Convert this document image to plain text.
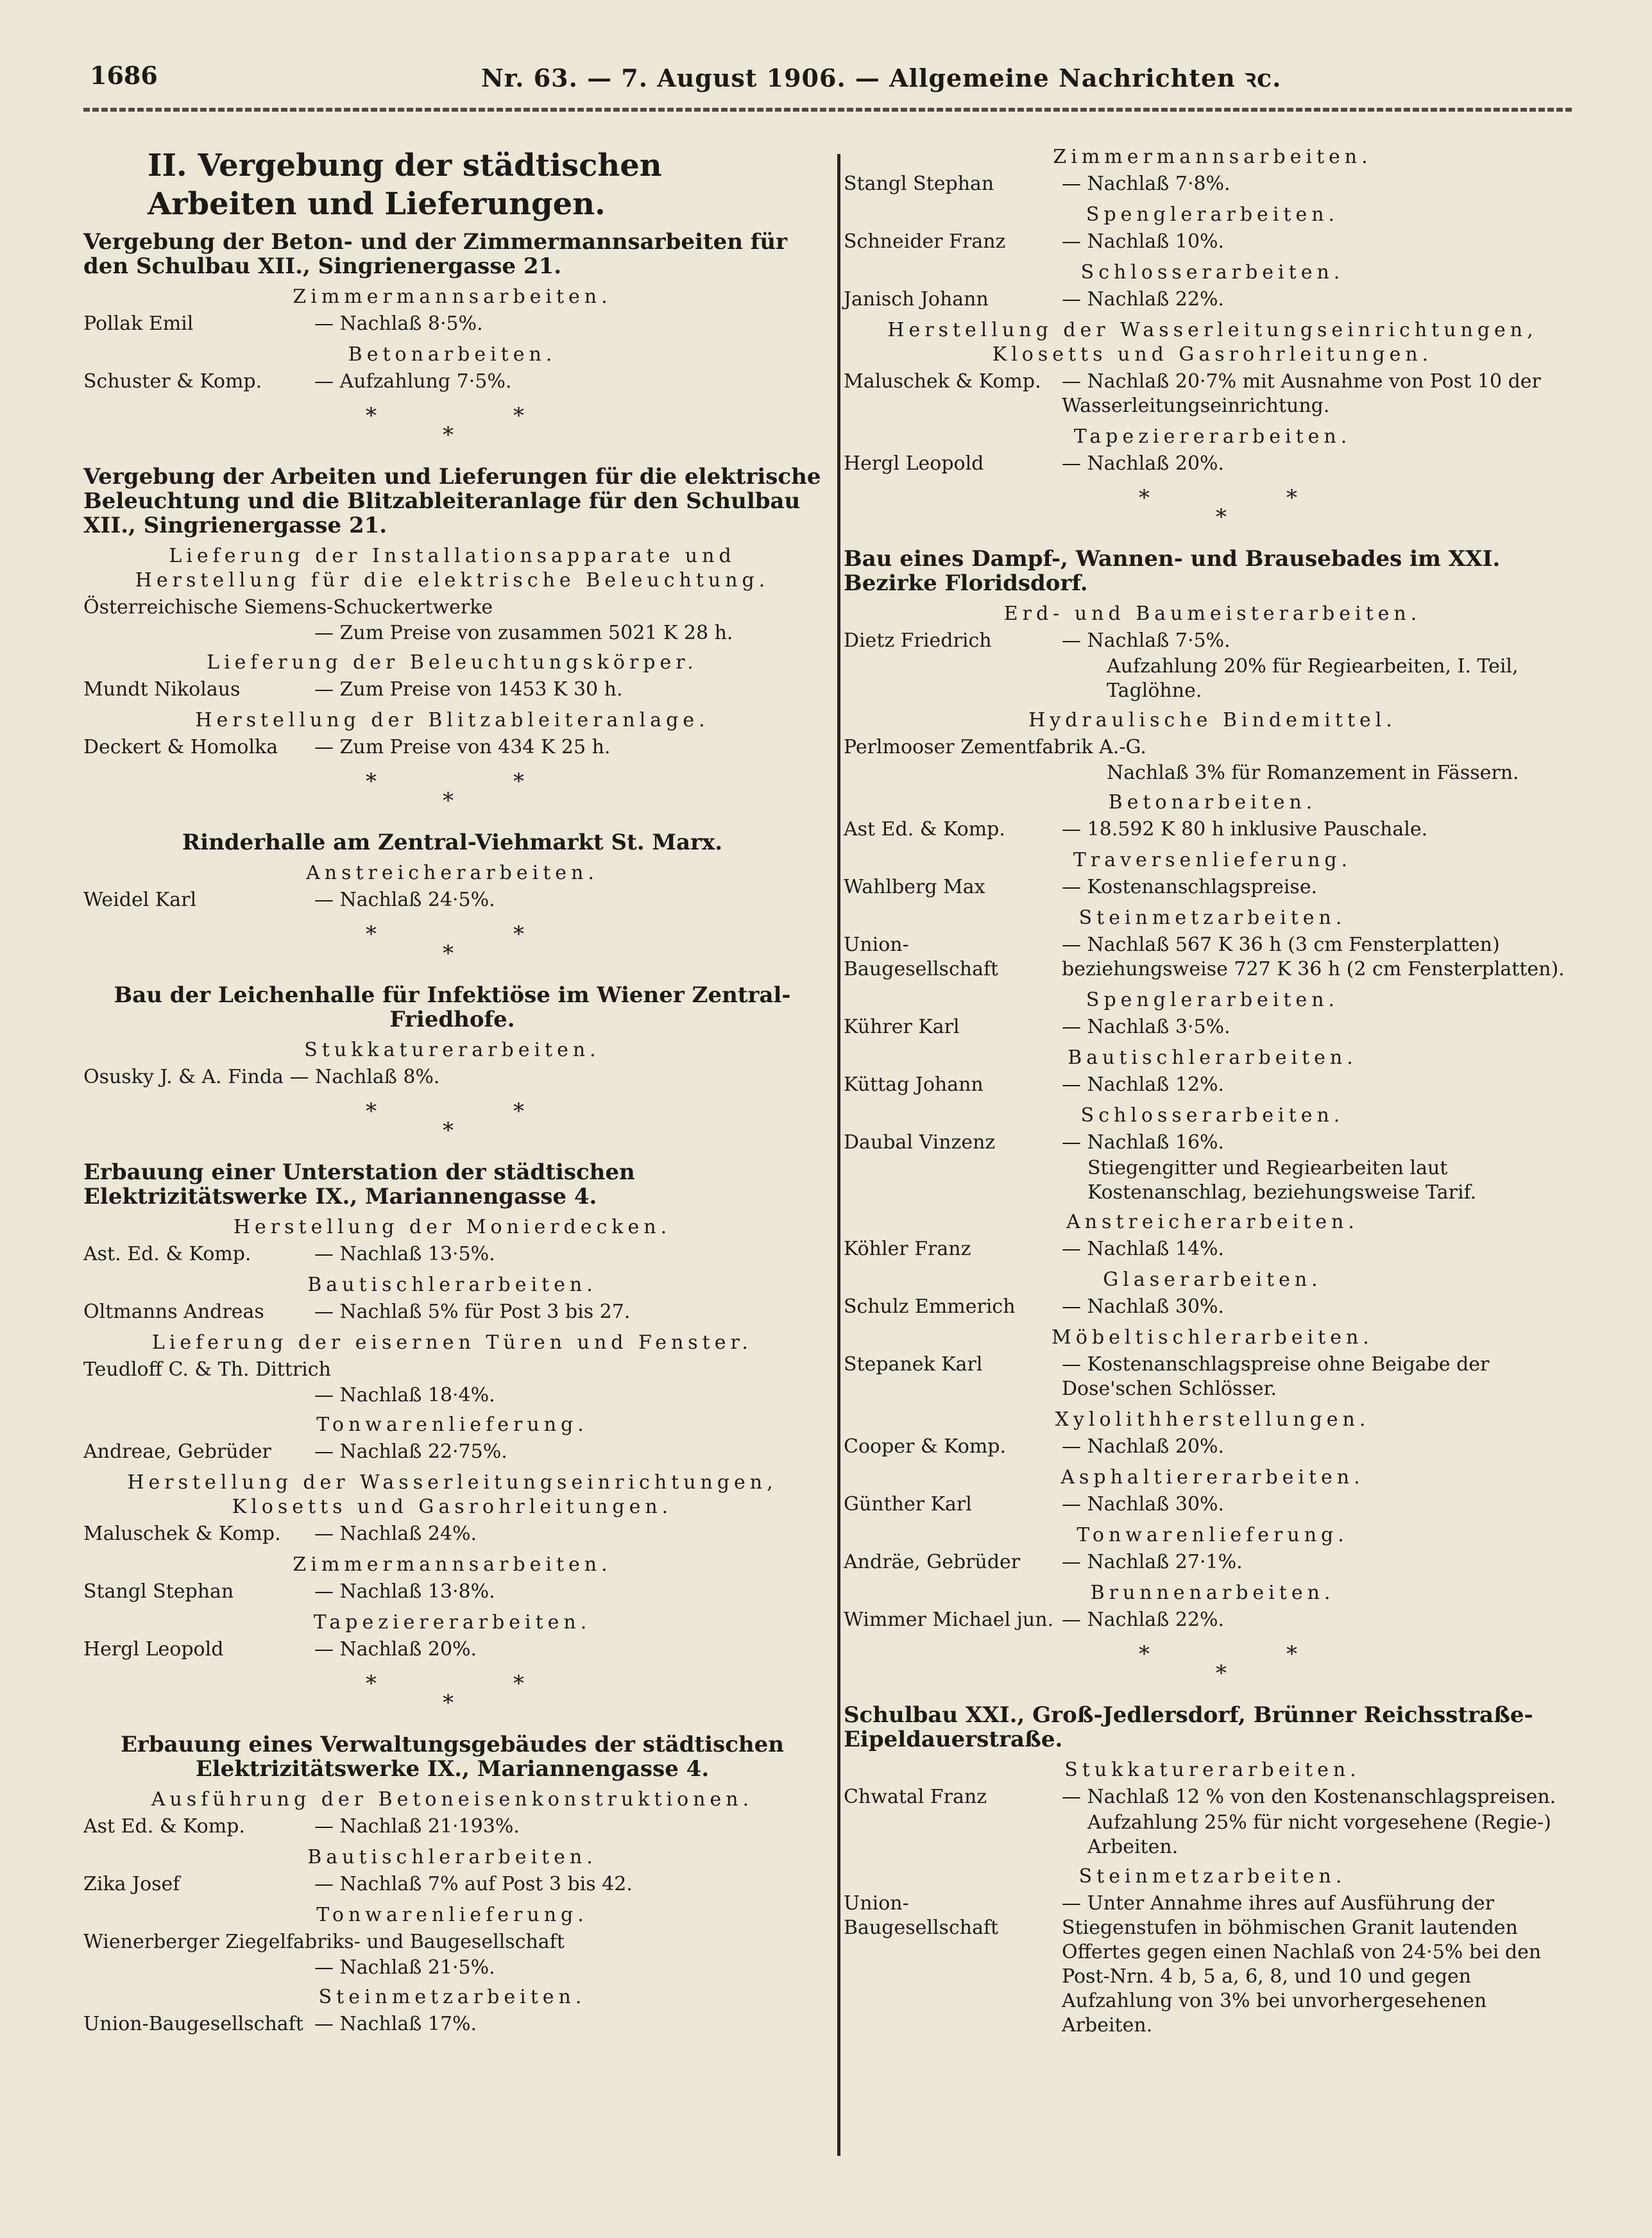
1686	Nr. 63. — 7. August 1906. — Allgemeine Nachrichten ꝛc.
II. Vergebung der städtischen Arbeiten und Lieferungen.
Vergebung der Beton- und der Zimmermannsarbeiten für den Schulbau XII., Singrienergasse 21.
Zimmermannsarbeiten.
Pollak Emil	— Nachlaß 8·5%.
Betonarbeiten.
Schuster & Komp.	— Aufzahlung 7·5%.
*	*
*
Vergebung der Arbeiten und Lieferungen für die elektrische Beleuchtung und die Blitzableiteranlage für den Schulbau XII., Singrienergasse 21.
Lieferung der Installationsapparate und Herstellung für die elektrische Beleuchtung.
Österreichische Siemens-Schuckertwerke
— Zum Preise von zusammen 5021 K 28 h.
Lieferung der Beleuchtungskörper.
Mundt Nikolaus	— Zum Preise von 1453 K 30 h.
Herstellung der Blitzableiteranlage.
Deckert & Homolka	— Zum Preise von 434 K 25 h.
*	*
*
Rinderhalle am Zentral-Viehmarkt St. Marx.
Anstreicherarbeiten.
Weidel Karl	— Nachlaß 24·5%.
*	*
*
Bau der Leichenhalle für Infektiöse im Wiener Zentral-Friedhofe.
Stukkaturerarbeiten.
Osusky J. & A. Finda — Nachlaß 8%.
*	*
*
Erbauung einer Unterstation der städtischen Elektrizitätswerke IX., Mariannengasse 4.
Herstellung der Monierdecken.
Ast. Ed. & Komp.	— Nachlaß 13·5%.
Bautischlerarbeiten.
Oltmanns Andreas	— Nachlaß 5% für Post 3 bis 27.
Lieferung der eisernen Türen und Fenster.
Teudloff C. & Th. Dittrich
— Nachlaß 18·4%.
Tonwarenlieferung.
Andreae, Gebrüder	— Nachlaß 22·75%.
Herstellung der Wasserleitungseinrichtungen, Klosetts und Gasrohrleitungen.
Maluschek & Komp.	— Nachlaß 24%.
Zimmermannsarbeiten.
Stangl Stephan	— Nachlaß 13·8%.
Tapeziererarbeiten.
Hergl Leopold	— Nachlaß 20%.
*	*
*
Erbauung eines Verwaltungsgebäudes der städtischen Elektrizitätswerke IX., Mariannengasse 4.
Ausführung der Betoneisenkonstruktionen.
Ast Ed. & Komp.	— Nachlaß 21·193%.
Bautischlerarbeiten.
Zika Josef	— Nachlaß 7% auf Post 3 bis 42.
Tonwarenlieferung.
Wienerberger Ziegelfabriks- und Baugesellschaft
— Nachlaß 21·5%.
Steinmetzarbeiten.
Union-Baugesellschaft — Nachlaß 17%.
Zimmermannsarbeiten.
Stangl Stephan	— Nachlaß 7·8%.
Spenglerarbeiten.
Schneider Franz	— Nachlaß 10%.
Schlosserarbeiten.
Janisch Johann	— Nachlaß 22%.
Herstellung der Wasserleitungseinrichtungen, Klosetts und Gasrohrleitungen.
Maluschek & Komp.	— Nachlaß 20·7% mit Ausnahme von Post 10 der Wasserleitungseinrichtung.
Tapeziererarbeiten.
Hergl Leopold	— Nachlaß 20%.
*	*
*
Bau eines Dampf-, Wannen- und Brausebades im XXI. Bezirke Floridsdorf.
Erd- und Baumeisterarbeiten.
Dietz Friedrich	— Nachlaß 7·5%.
Aufzahlung 20% für Regiearbeiten, I. Teil, Taglöhne.
Hydraulische Bindemittel.
Perlmooser Zementfabrik A.-G.
Nachlaß 3% für Romanzement in Fässern.
Betonarbeiten.
Ast Ed. & Komp.	— 18.592 K 80 h inklusive Pauschale.
Traversenlieferung.
Wahlberg Max	— Kostenanschlagspreise.
Steinmetzarbeiten.
Union-Baugesellschaft
— Nachlaß 567 K 36 h (3 cm Fensterplatten) beziehungsweise 727 K 36 h (2 cm Fensterplatten).
Spenglerarbeiten.
Kührer Karl	— Nachlaß 3·5%.
Bautischlerarbeiten.
Küttag Johann	— Nachlaß 12%.
Schlosserarbeiten.
Daubal Vinzenz	— Nachlaß 16%.
Stiegengitter und Regiearbeiten laut Kostenanschlag, beziehungsweise Tarif.
Anstreicherarbeiten.
Köhler Franz	— Nachlaß 14%.
Glaserarbeiten.
Schulz Emmerich	— Nachlaß 30%.
Möbeltischlerarbeiten.
Stepanek Karl	— Kostenanschlagspreise ohne Beigabe der Dose'schen Schlösser.
Xylolithherstellungen.
Cooper & Komp.	— Nachlaß 20%.
Asphaltiererarbeiten.
Günther Karl	— Nachlaß 30%.
Tonwarenlieferung.
Andräe, Gebrüder	— Nachlaß 27·1%.
Brunnenarbeiten.
Wimmer Michael jun. — Nachlaß 22%.
*	*
*
Schulbau XXI., Groß-Jedlersdorf, Brünner Reichsstraße-Eipeldauerstraße.
Stukkaturerarbeiten.
Chwatal Franz	— Nachlaß 12 % von den Kostenanschlagspreisen.
Aufzahlung 25% für nicht vorgesehene (Regie-) Arbeiten.
Steinmetzarbeiten.
Union-Baugesellschaft
— Unter Annahme ihres auf Ausführung der Stiegenstufen in böhmischen Granit lautenden Offertes gegen einen Nachlaß von 24·5% bei den Post-Nrn. 4 b, 5 a, 6, 8, und 10 und gegen Aufzahlung von 3% bei unvorhergesehenen Arbeiten.
